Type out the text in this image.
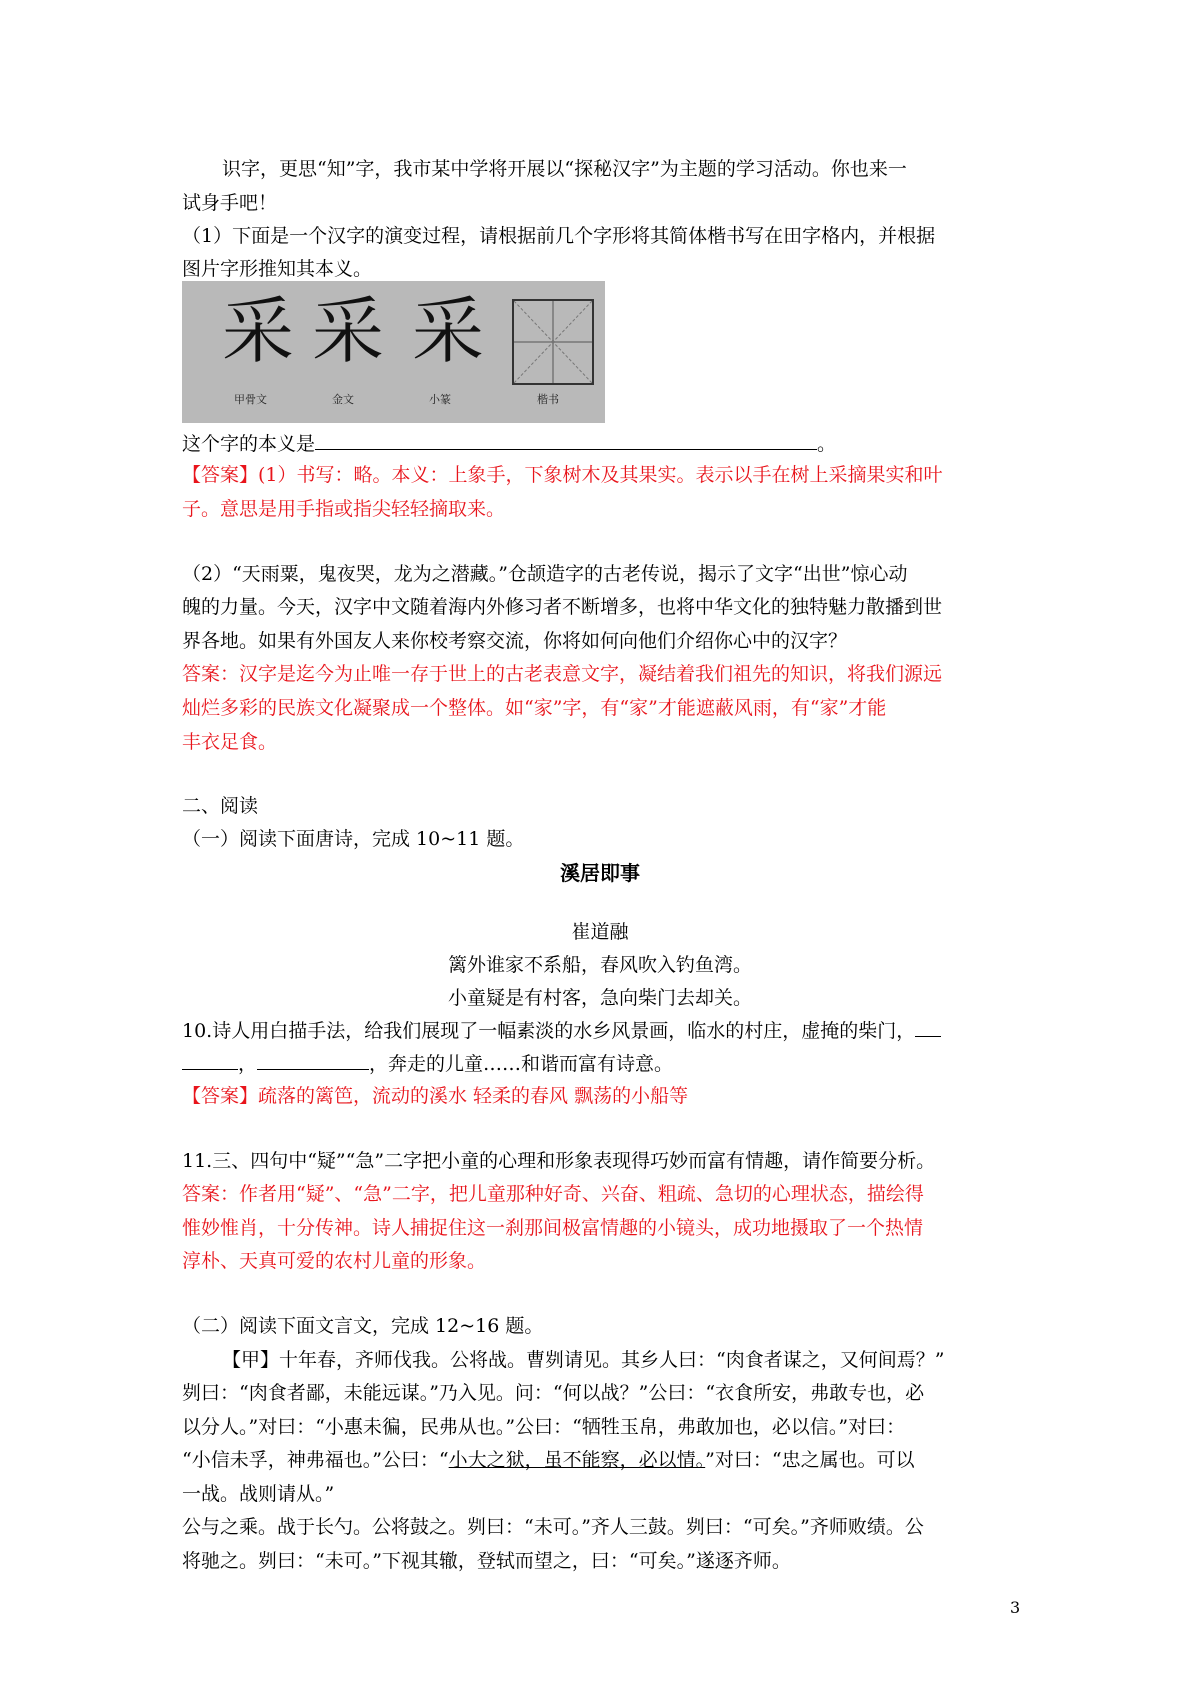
识字，更思“知”字，我市某中学将开展以“探秘汉字”为主题的学习活动。你也来一
试身手吧！
（1）下面是一个汉字的演变过程，请根据前几个字形将其简体楷书写在田字格内，并根据
图片字形推知其本义。
采 采 采
甲骨文	金文	小篆	楷书
这个字的本义是	。
【答案】(1）书写：略。本义：上象手，下象树木及其果实。表示以手在树上采摘果实和叶
子。意思是用手指或指尖轻轻摘取来。
（2）“天雨粟，鬼夜哭，龙为之潜藏。”仓颉造字的古老传说，揭示了文字“出世”惊心动
魄的力量。今天，汉字中文随着海内外修习者不断增多，也将中华文化的独特魅力散播到世
界各地。如果有外国友人来你校考察交流，你将如何向他们介绍你心中的汉字？
答案：汉字是迄今为止唯一存于世上的古老表意文字，凝结着我们祖先的知识，将我们源远
灿烂多彩的民族文化凝聚成一个整体。如“家”字，有“家”才能遮蔽风雨，有“家”才能
丰衣足食。
二、阅读
（一）阅读下面唐诗，完成 10~11 题。
溪居即事
崔道融
篱外谁家不系船，春风吹入钓鱼湾。
小童疑是有村客，急向柴门去却关。
10.诗人用白描手法，给我们展现了一幅素淡的水乡风景画，临水的村庄，虚掩的柴门，
，	，奔走的儿童……和谐而富有诗意。
【答案】疏落的篱笆，流动的溪水 轻柔的春风 飘荡的小船等
11.三、四句中“疑”“急”二字把小童的心理和形象表现得巧妙而富有情趣，请作简要分析。
答案：作者用“疑”、“急”二字，把儿童那种好奇、兴奋、粗疏、急切的心理状态，描绘得
惟妙惟肖，十分传神。诗人捕捉住这一刹那间极富情趣的小镜头，成功地摄取了一个热情
淳朴、天真可爱的农村儿童的形象。
（二）阅读下面文言文，完成 12~16 题。
【甲】十年春，齐师伐我。公将战。曹刿请见。其乡人曰：“肉食者谋之，又何间焉？”
刿曰：“肉食者鄙，未能远谋。”乃入见。问：“何以战？”公曰：“衣食所安，弗敢专也，必
以分人。”对曰：“小惠未徧，民弗从也。”公曰：“牺牲玉帛，弗敢加也，必以信。”对曰：
“小信未孚，神弗福也。”公曰：“小大之狱，虽不能察，必以情。”对曰：“忠之属也。可以
一战。战则请从。”
公与之乘。战于长勺。公将鼓之。刿曰：“未可。”齐人三鼓。刿曰：“可矣。”齐师败绩。公
将驰之。刿曰：“未可。”下视其辙，登轼而望之，曰：“可矣。”遂逐齐师。
3
